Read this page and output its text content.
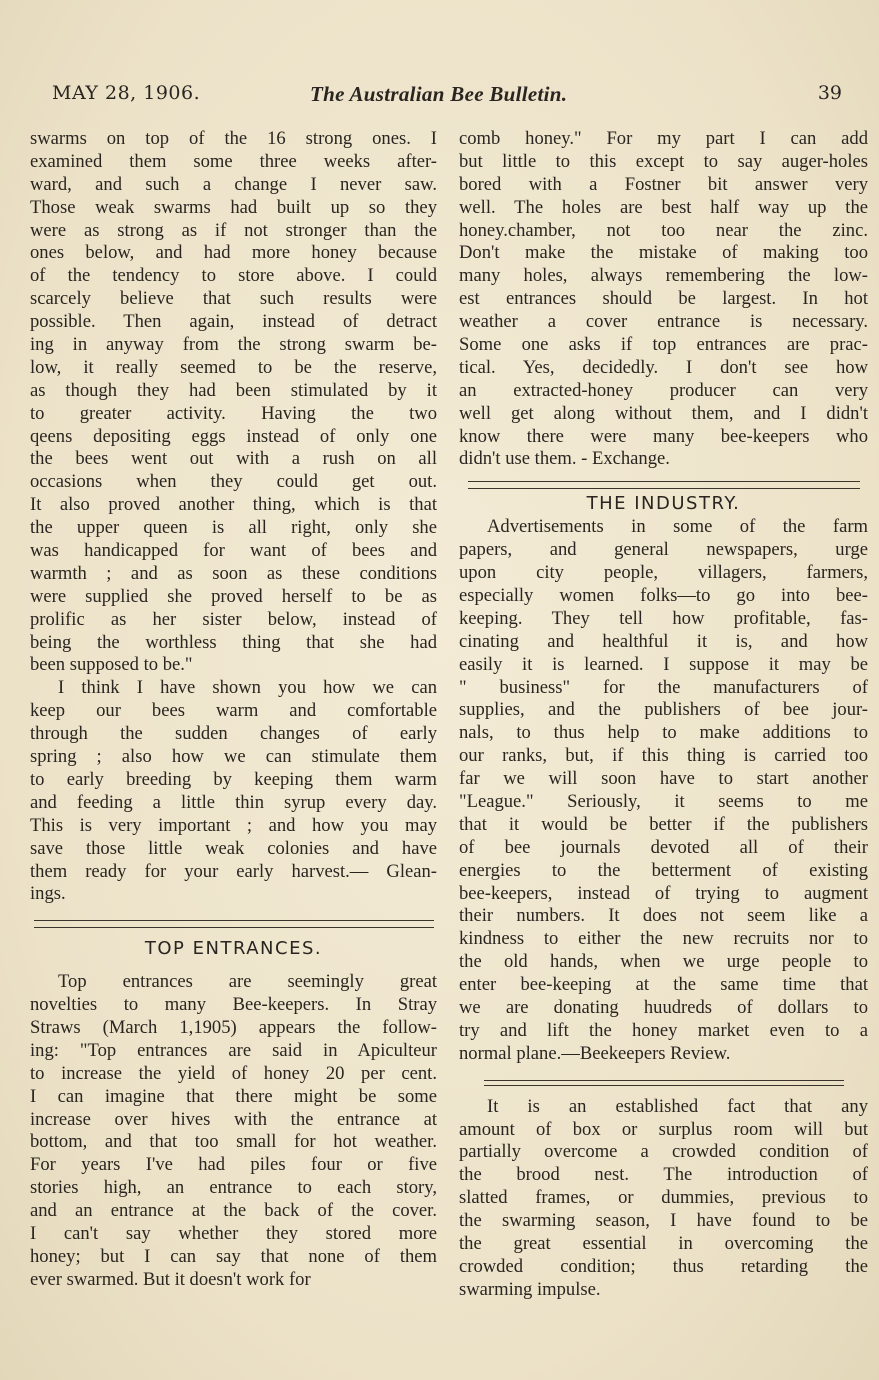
MAY 28, 1906.	The Australian Bee Bulletin.	39
swarms on top of the 16 strong ones. I
examined them some three weeks after-
ward, and such a change I never saw.
Those weak swarms had built up so they
were as strong as if not stronger than the
ones below, and had more honey because
of the tendency to store above. I could
scarcely believe that such results were
possible. Then again, instead of detract
ing in anyway from the strong swarm be-
low, it really seemed to be the reserve,
as though they had been stimulated by it
to greater activity. Having the two
qeens depositing eggs instead of only one
the bees went out with a rush on all
occasions when they could get out.
It also proved another thing, which is that
the upper queen is all right, only she
was handicapped for want of bees and
warmth ; and as soon as these conditions
were supplied she proved herself to be as
prolific as her sister below, instead of
being the worthless thing that she had
been supposed to be."
I think I have shown you how we can
keep our bees warm and comfortable
through the sudden changes of early
spring ; also how we can stimulate them
to early breeding by keeping them warm
and feeding a little thin syrup every day.
This is very important ; and how you may
save those little weak colonies and have
them ready for your early harvest.— Glean-
ings.
TOP ENTRANCES.
Top entrances are seemingly great
novelties to many Bee-keepers. In Stray
Straws (March 1,1905) appears the follow-
ing: "Top entrances are said in Apiculteur
to increase the yield of honey 20 per cent.
I can imagine that there might be some
increase over hives with the entrance at
bottom, and that too small for hot weather.
For years I've had piles four or five
stories high, an entrance to each story,
and an entrance at the back of the cover.
I can't say whether they stored more
honey; but I can say that none of them
ever swarmed. But it doesn't work for
comb honey." For my part I can add
but little to this except to say auger-holes
bored with a Fostner bit answer very
well. The holes are best half way up the
honey.chamber, not too near the zinc.
Don't make the mistake of making too
many holes, always remembering the low-
est entrances should be largest. In hot
weather a cover entrance is necessary.
Some one asks if top entrances are prac-
tical. Yes, decidedly. I don't see how
an extracted-honey producer can very
well get along without them, and I didn't
know there were many bee-keepers who
didn't use them. - Exchange.
THE INDUSTRY.
Advertisements in some of the farm
papers, and general newspapers, urge
upon city people, villagers, farmers,
especially women folks—to go into bee-
keeping. They tell how profitable, fas-
cinating and healthful it is, and how
easily it is learned. I suppose it may be
" business" for the manufacturers of
supplies, and the publishers of bee jour-
nals, to thus help to make additions to
our ranks, but, if this thing is carried too
far we will soon have to start another
"League." Seriously, it seems to me
that it would be better if the publishers
of bee journals devoted all of their
energies to the betterment of existing
bee-keepers, instead of trying to augment
their numbers. It does not seem like a
kindness to either the new recruits nor to
the old hands, when we urge people to
enter bee-keeping at the same time that
we are donating huudreds of dollars to
try and lift the honey market even to a
normal plane.—Beekeepers Review.
It is an established fact that any
amount of box or surplus room will but
partially overcome a crowded condition of
the brood nest. The introduction of
slatted frames, or dummies, previous to
the swarming season, I have found to be
the great essential in overcoming the
crowded condition; thus retarding the
swarming impulse.
